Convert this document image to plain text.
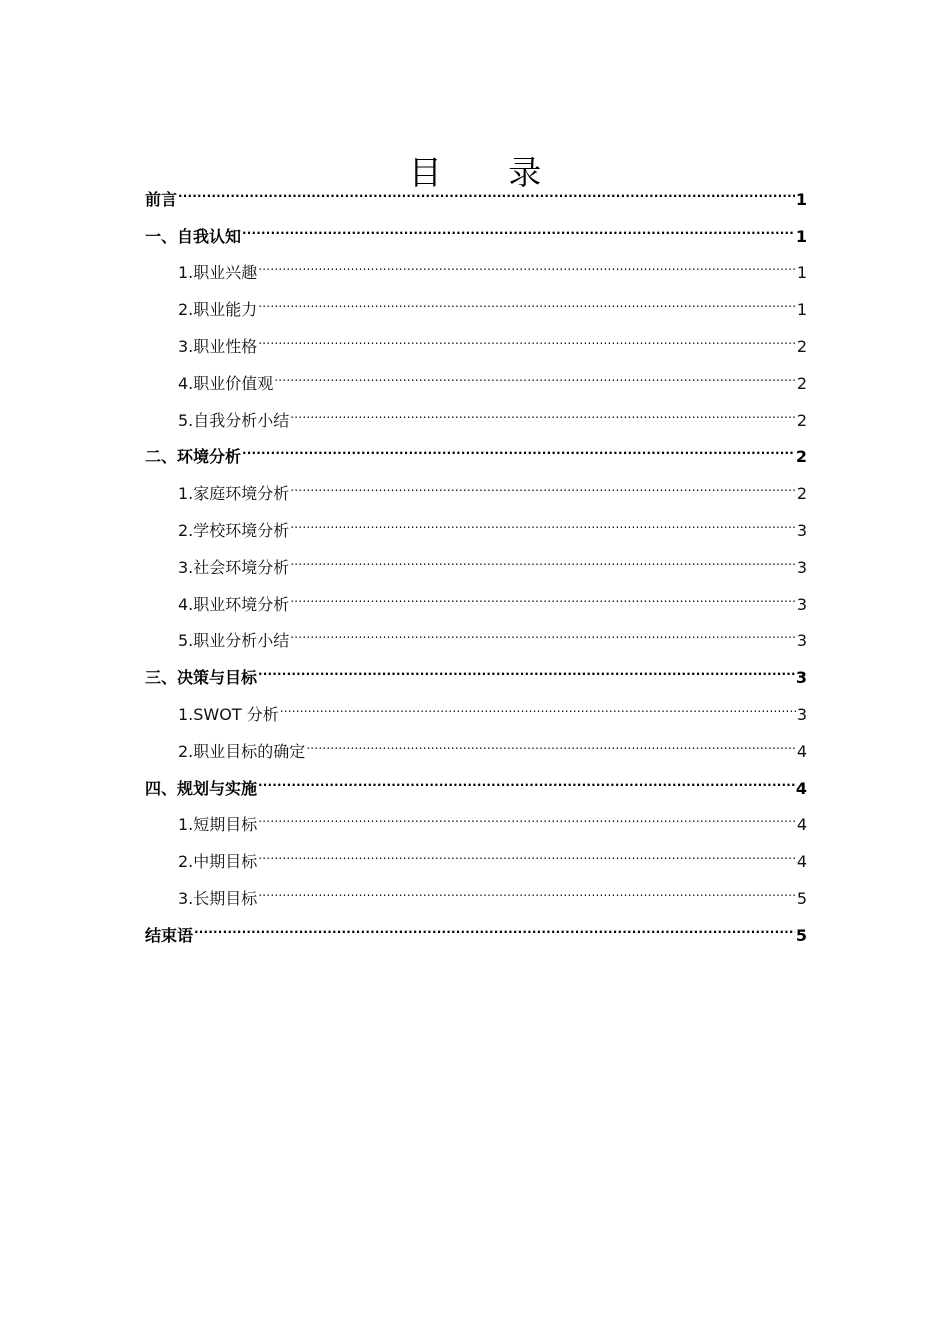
目 录
前言 .....	1
一、自我认知 .....	1
1.职业兴趣 .....	1
2.职业能力 .....	1
3.职业性格 .....	2
4.职业价值观 .....	2
5.自我分析小结 .....	2
二、环境分析 .....	2
1.家庭环境分析 .....	2
2.学校环境分析 .....	3
3.社会环境分析 .....	3
4.职业环境分析 .....	3
5.职业分析小结 .....	3
三、决策与目标 .....	3
1.SWOT 分析 .....	3
2.职业目标的确定 .....	4
四、规划与实施 .....	4
1.短期目标 .....	4
2.中期目标 .....	4
3.长期目标 .....	5
结束语 .....	5
